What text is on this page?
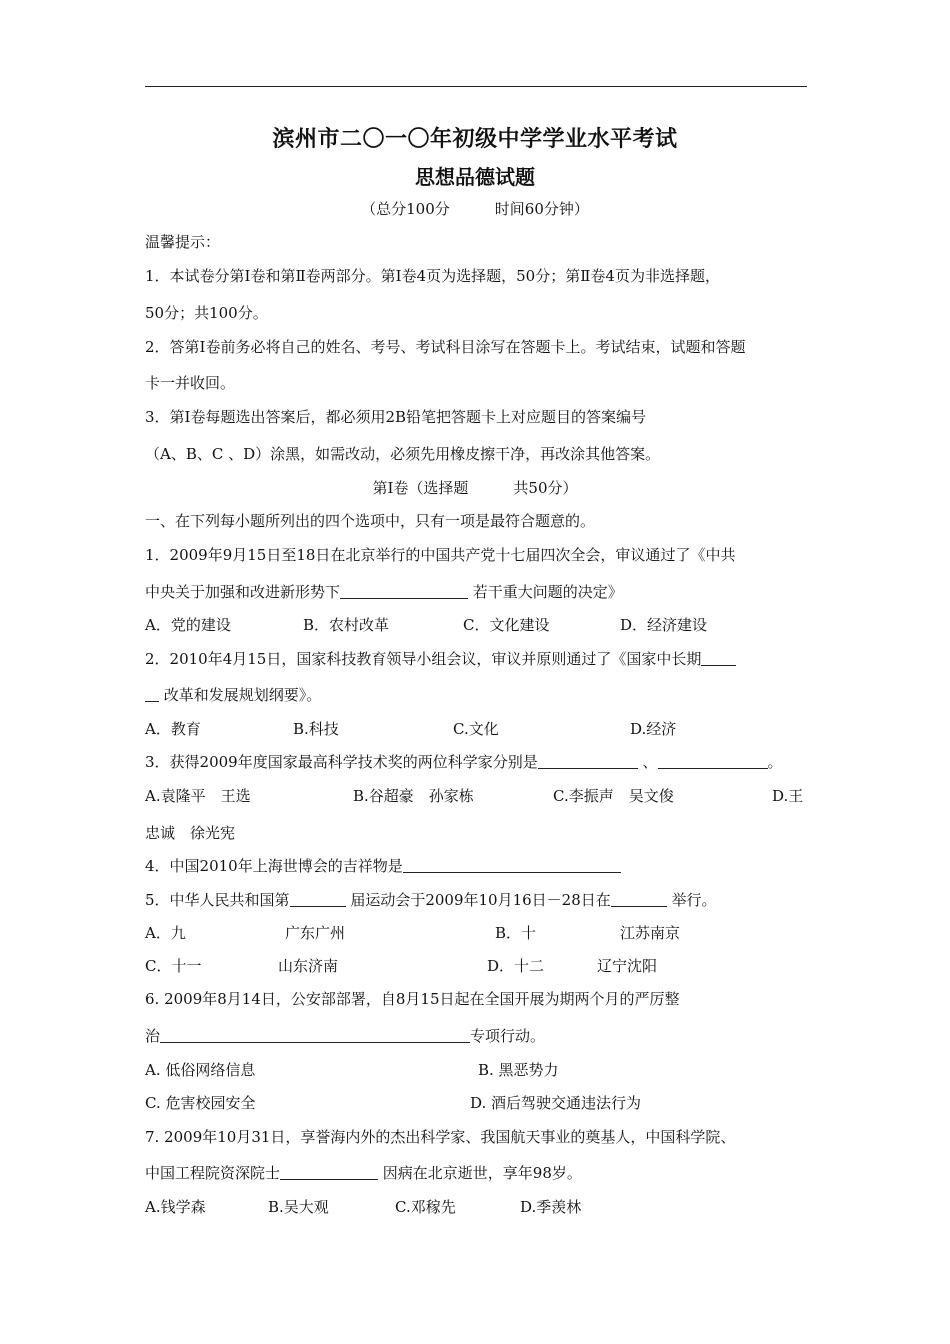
滨州市二〇一〇年初级中学学业水平考试
思想品德试题
（总分100分　　　时间60分钟）
温馨提示：
1．本试卷分第Ⅰ卷和第Ⅱ卷两部分。第Ⅰ卷4页为选择题，50分；第Ⅱ卷4页为非选择题，
50分；共100分。
2．答第Ⅰ卷前务必将自己的姓名、考号、考试科目涂写在答题卡上。考试结束，试题和答题
卡一并收回。
3．第Ⅰ卷每题选出答案后，都必须用2B铅笔把答题卡上对应题目的答案编号
（A、B、C 、D）涂黑，如需改动，必须先用橡皮擦干净，再改涂其他答案。
第Ⅰ卷（选择题　　　共50分）
一、在下列每小题所列出的四个选项中，只有一项是最符合题意的。
1．2009年9月15日至18日在北京举行的中国共产党十七届四次全会，审议通过了《中共
中央关于加强和改进新形势下	若干重大问题的决定》
A．党的建设	B．农村改革	C．文化建设	D．经济建设
2．2010年4月15日，国家科技教育领导小组会议，审议并原则通过了《国家中长期
改革和发展规划纲要》。
A．教育	B.科技	C.文化	D.经济
3．获得2009年度国家最高科学技术奖的两位科学家分别是	、	。
A.袁隆平　王选	B.谷超豪　孙家栋	C.李振声　吴文俊	D.王
忠诚　徐光宪
4．中国2010年上海世博会的吉祥物是
5．中华人民共和国第	届运动会于2009年10月16日－28日在	举行。
A．九	广东广州	B．十	江苏南京
C．十一	山东济南	D．十二	辽宁沈阳
6. 2009年8月14日，公安部部署，自8月15日起在全国开展为期两个月的严厉整
治	专项行动。
A. 低俗网络信息	B. 黑恶势力
C. 危害校园安全	D. 酒后驾驶交通违法行为
7. 2009年10月31日，享誉海内外的杰出科学家、我国航天事业的奠基人，中国科学院、
中国工程院资深院士	因病在北京逝世，享年98岁。
A.钱学森	B.吴大观	C.邓稼先	D.季羡林
